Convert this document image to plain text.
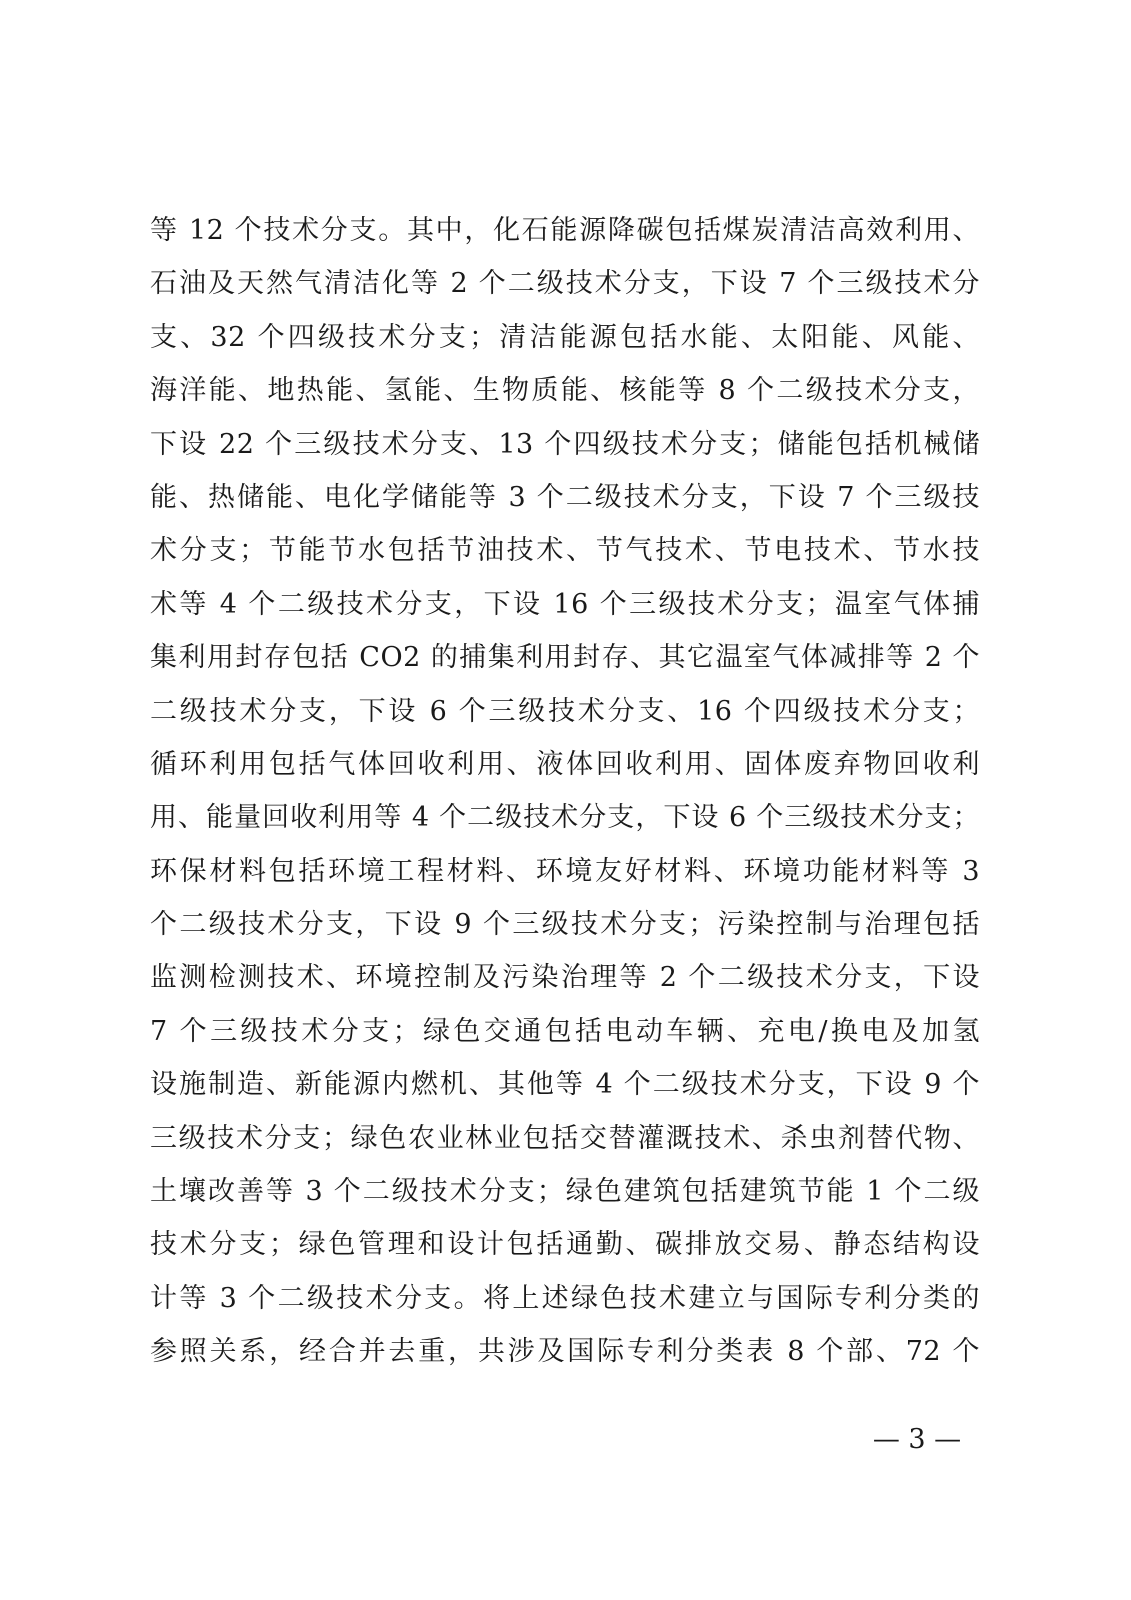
等 12 个技术分支。其中，化石能源降碳包括煤炭清洁高效利用、
石油及天然气清洁化等 2 个二级技术分支，下设 7 个三级技术分
支、32 个四级技术分支；清洁能源包括水能、太阳能、风能、
海洋能、地热能、氢能、生物质能、核能等 8 个二级技术分支，
下设 22 个三级技术分支、13 个四级技术分支；储能包括机械储
能、热储能、电化学储能等 3 个二级技术分支，下设 7 个三级技
术分支；节能节水包括节油技术、节气技术、节电技术、节水技
术等 4 个二级技术分支，下设 16 个三级技术分支；温室气体捕
集利用封存包括 CO2 的捕集利用封存、其它温室气体减排等 2 个
二级技术分支，下设 6 个三级技术分支、16 个四级技术分支；
循环利用包括气体回收利用、液体回收利用、固体废弃物回收利
用、能量回收利用等 4 个二级技术分支，下设 6 个三级技术分支；
环保材料包括环境工程材料、环境友好材料、环境功能材料等 3
个二级技术分支，下设 9 个三级技术分支；污染控制与治理包括
监测检测技术、环境控制及污染治理等 2 个二级技术分支，下设
7 个三级技术分支；绿色交通包括电动车辆、充电/换电及加氢
设施制造、新能源内燃机、其他等 4 个二级技术分支，下设 9 个
三级技术分支；绿色农业林业包括交替灌溉技术、杀虫剂替代物、
土壤改善等 3 个二级技术分支；绿色建筑包括建筑节能 1 个二级
技术分支；绿色管理和设计包括通勤、碳排放交易、静态结构设
计等 3 个二级技术分支。将上述绿色技术建立与国际专利分类的
参照关系，经合并去重，共涉及国际专利分类表 8 个部、72 个
— 3 —
